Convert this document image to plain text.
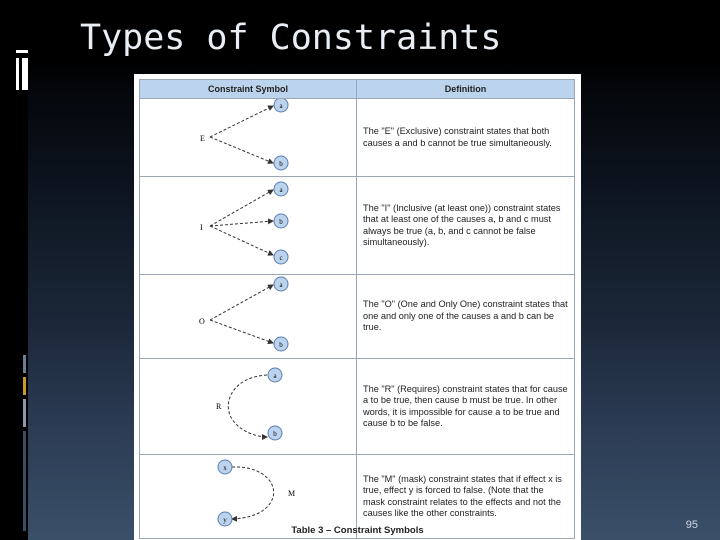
Types of Constraints
Constraint Symbol	Definition

a
b
E	The "E" (Exclusive) constraint states that both causes a and b cannot be true simultaneously.

a
b
c
I	The "I" (Inclusive (at least one)) constraint states that at least one of the causes a, b and c must always be true (a, b, and c cannot be false simultaneously).

a
b
O	The "O" (One and Only One) constraint states that one and only one of the causes a and b can be true.

a
b
R	The "R" (Requires) constraint states that for cause a to be true, then cause b must be true. In other words, it is impossible for cause a to be true and cause b to be false.

x
y
M	The "M" (mask) constraint states that if effect x is true, effect y is forced to false. (Note that the mask constraint relates to the effects and not the causes like the other constraints.
Table 3 – Constraint Symbols	95
